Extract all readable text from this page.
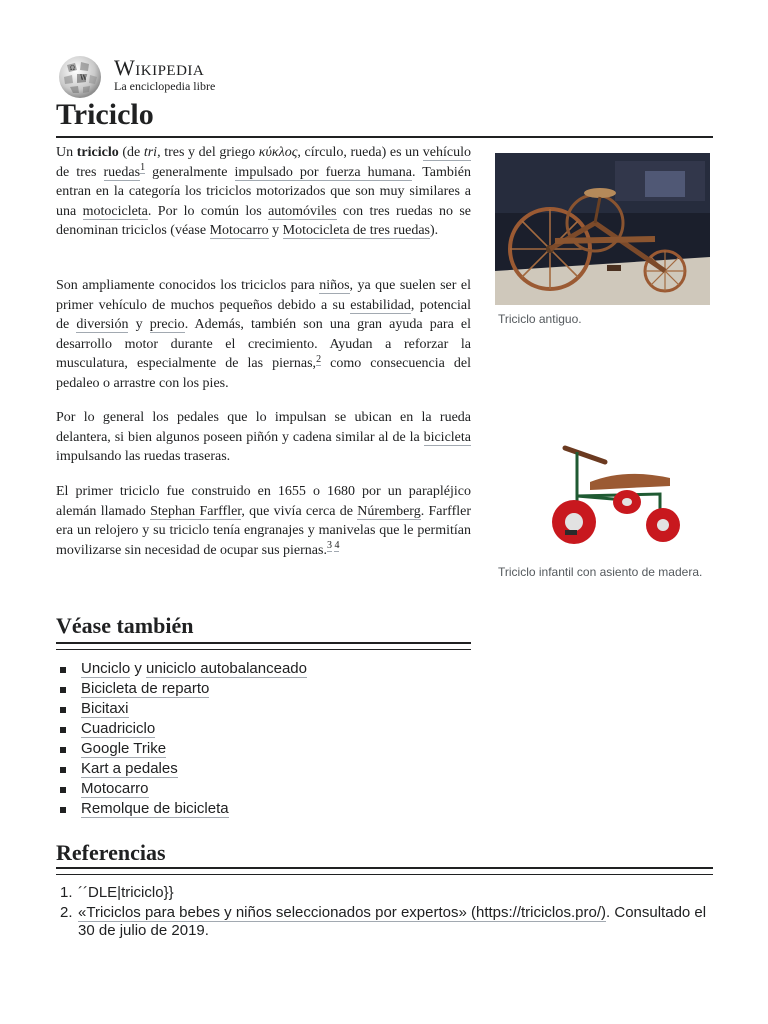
Ω
W Wikipedia
La enciclopedia libre
Triciclo

Un triciclo (de tri, tres y del griego κύκλος, círculo, rueda) es un vehículo de tres ruedas$^1$ generalmente impulsado por fuerza humana. También entran en la categoría los triciclos motorizados que son muy similares a una motocicleta. Por lo común los automóviles con tres ruedas no se denominan triciclos (véase Motocarro y Motocicleta de tres ruedas).

Son ampliamente conocidos los triciclos para niños, ya que suelen ser el primer vehículo de muchos pequeños debido a su estabilidad, potencial de diversión y precio. Además, también son una gran ayuda para el desarrollo motor durante el crecimiento. Ayudan a reforzar la musculatura, especialmente de las piernas,$^2$ como consecuencia del pedaleo o arrastre con los pies.

Por lo general los pedales que lo impulsan se ubican en la rueda delantera, si bien algunos poseen piñón y cadena similar al de la bicicleta impulsando las ruedas traseras.

El primer triciclo fue construido en 1655 o 1680 por un parapléjico alemán llamado Stephan Farffler, que vivía cerca de Núremberg. Farffler era un relojero y su triciclo tenía engranajes y manivelas que le permitían movilizarse sin necesidad de ocupar sus piernas.$^{3 4}$

Triciclo antiguo.
Triciclo infantil con asiento de madera.
Véase también
Unciclo y uniciclo autobalanceado
Bicicleta de reparto
Bicitaxi
Cuadriciclo
Google Trike
Kart a pedales
Motocarro
Remolque de bicicleta
Referencias
1. ´´DLE|triciclo}}
2. «Triciclos para bebes y niños seleccionados por expertos» (https://triciclos.pro/). Consultado el 30 de julio de 2019.
